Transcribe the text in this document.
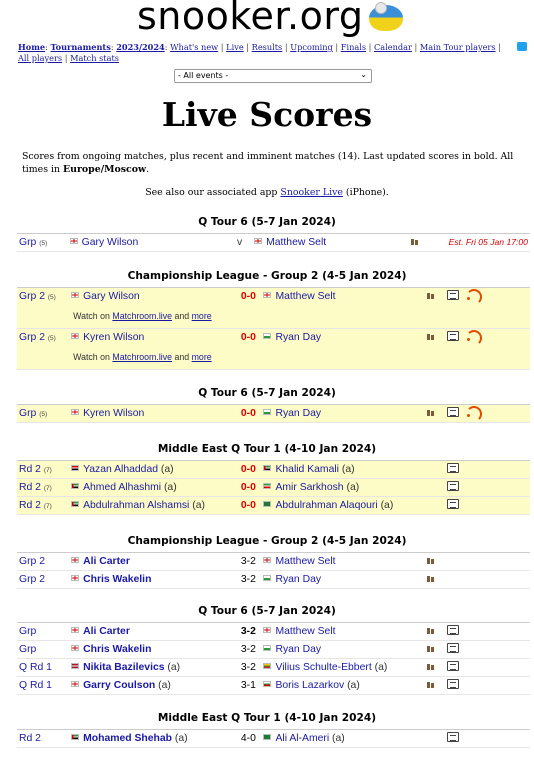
snooker.org
Home: Tournaments: 2023/2024: What's new | Live | Results | Upcoming | Finals | Calendar | Main Tour players | All players | Match stats
- All events -	⌄
Live Scores
Scores from ongoing matches, plus recent and imminent matches (14). Last updated scores in bold. All times in Europe/Moscow.
See also our associated app Snooker Live (iPhone).
Q Tour 6 (5-7 Jan 2024)
Grp (5)	Gary Wilson	v	Matthew Selt			Est. Fri 05 Jan 17:00
Championship League - Group 2 (4-5 Jan 2024)
Grp 2 (5)	Gary Wilson	0-0	Matthew Selt			
	Watch on Matchroom.live and more					
Grp 2 (5)	Kyren Wilson	0-0	Ryan Day			
	Watch on Matchroom.live and more					
Q Tour 6 (5-7 Jan 2024)
Grp (5)	Kyren Wilson	0-0	Ryan Day			
Middle East Q Tour 1 (4-10 Jan 2024)
Rd 2 (7)	Yazan Alhaddad (a)	0-0	Khalid Kamali (a)			
Rd 2 (7)	Ahmed Alhashmi (a)	0-0	Amir Sarkhosh (a)			
Rd 2 (7)	Abdulrahman Alshamsi (a)	0-0	Abdulrahman Alaqouri (a)			
Championship League - Group 2 (4-5 Jan 2024)
Grp 2	Ali Carter	3-2	Matthew Selt			
Grp 2	Chris Wakelin	3-2	Ryan Day			
Q Tour 6 (5-7 Jan 2024)
Grp	Ali Carter	3-2	Matthew Selt			
Grp	Chris Wakelin	3-2	Ryan Day			
Q Rd 1	Nikita Bazilevics (a)	3-2	Vilius Schulte-Ebbert (a)			
Q Rd 1	Garry Coulson (a)	3-1	Boris Lazarkov (a)			
Middle East Q Tour 1 (4-10 Jan 2024)
Rd 2	Mohamed Shehab (a)	4-0	Ali Al-Ameri (a)			
